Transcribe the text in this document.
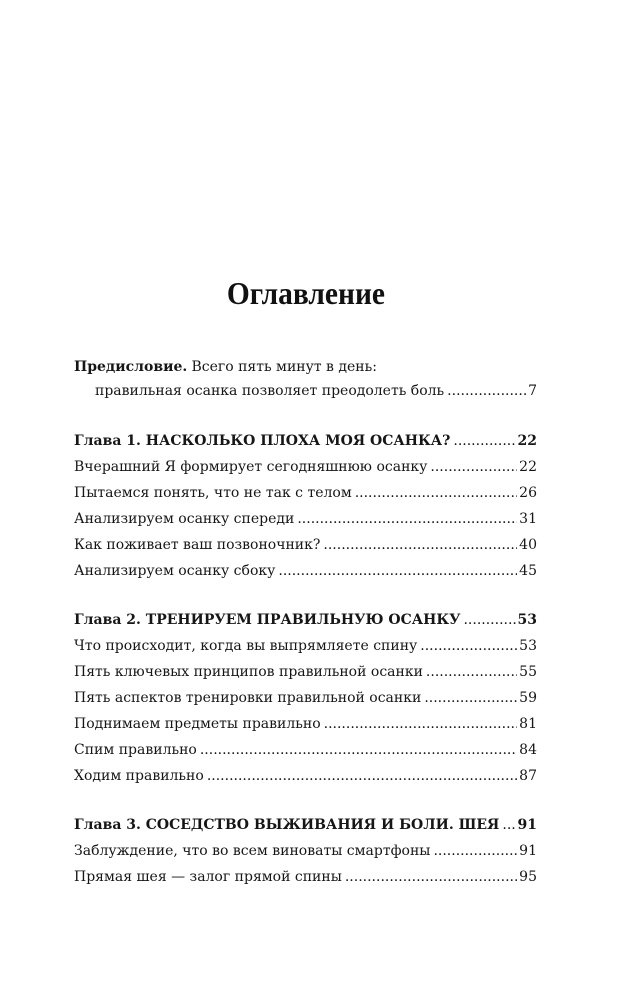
Оглавление
Предисловие. Всего пять минут в день:
правильная осанка позволяет преодолеть боль .....	7
Глава 1. НАСКОЛЬКО ПЛОХА МОЯ ОСАНКА? .....	22
Вчерашний Я формирует сегодняшнюю осанку .....	22
Пытаемся понять, что не так с телом .....	26
Анализируем осанку спереди .....	31
Как поживает ваш позвоночник? .....	40
Анализируем осанку сбоку .....	45
Глава 2. ТРЕНИРУЕМ ПРАВИЛЬНУЮ ОСАНКУ .....	53
Что происходит, когда вы выпрямляете спину .....	53
Пять ключевых принципов правильной осанки .....	55
Пять аспектов тренировки правильной осанки .....	59
Поднимаем предметы правильно .....	81
Спим правильно .....	84
Ходим правильно .....	87
Глава 3. СОСЕДСТВО ВЫЖИВАНИЯ И БОЛИ. ШЕЯ ..... 91
Заблуждение, что во всем виноваты смартфоны .....	91
Прямая шея — залог прямой спины .....	95
